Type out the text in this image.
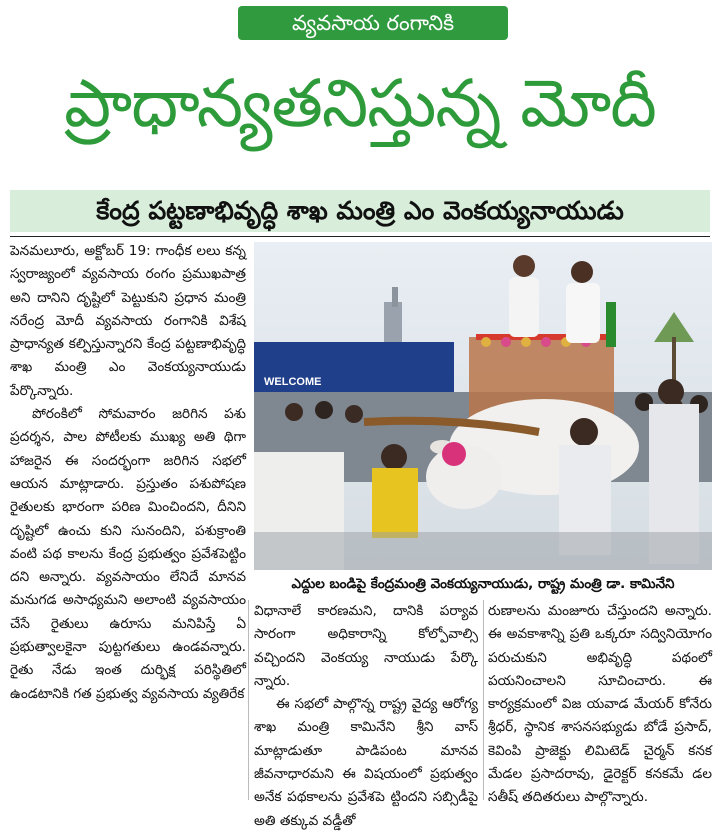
వ్యవసాయ రంగానికి
ప్రాధాన్యతనిస్తున్న మోదీ
కేంద్ర పట్టణాభివృద్ధి శాఖ మంత్రి ఎం వెంకయ్యనాయుడు

పెనమలూరు, అక్టోబర్ 19: గాంధీక లలు కన్న స్వరాజ్యంలో వ్యవసాయ రంగం ప్రముఖపాత్ర అని దానిని దృష్టిలో పెట్టుకుని ప్రధాన మంత్రి నరేంద్ర మోదీ వ్యవసాయ రంగానికి విశేష ప్రాధాన్యత కల్పిస్తున్నారని కేంద్ర పట్టణాభివృద్ధి శాఖ మంత్రి ఎం వెంకయ్యనాయుడు పేర్కొన్నారు.

పోరంకిలో సోమవారం జరిగిన పశు ప్రదర్శన, పాల పోటీలకు ముఖ్య అతి థిగా హాజరైన ఈ సందర్భంగా జరిగిన సభలో ఆయన మాట్లాడారు. ప్రస్తుతం పశుపోషణ రైతులకు భారంగా పరిణ మించిందని, దీనిని దృష్టిలో ఉంచు కుని సునందిని, పశుక్రాంతి వంటి పథ కాలను కేంద్ర ప్రభుత్వం ప్రవేశపెట్టిం దని అన్నారు. వ్యవసాయం లేనిదే మానవ మనుగడ అసాధ్యమని అలాంటి వ్యవసాయం చేసే రైతులు ఉరూసు మనిపిస్తే ఏ ప్రభుత్వాలకైనా పుట్టగతులు ఉండవన్నారు. రైతు నేడు ఇంత దుర్భిక్ష పరిస్థితిలో ఉండటానికి గత ప్రభుత్వ వ్యవసాయ వ్యతిరేక

WELCOME
ఎద్దుల బండిపై కేంద్రమంత్రి వెంకయ్యనాయుడు, రాష్ట్ర మంత్రి డా. కామినేని

విధానాలే కారణమని, దానికి పర్యావ సారంగా అధికారాన్ని కోల్పోవాల్సి వచ్చిందని వెంకయ్య నాయుడు పేర్కొ న్నారు.

ఈ సభలో పాల్గొన్న రాష్ట్ర వైద్య ఆరోగ్య శాఖ మంత్రి కామినేని శ్రీని వాస్ మాట్లాడుతూ పాడిపంట మానవ జీవనాధారమని ఈ విషయంలో ప్రభుత్వం అనేక పథకాలను ప్రవేశపె ట్టిందని సబ్సిడీపై అతి తక్కువ వడ్డీతో

రుణాలను మంజూరు చేస్తుందని అన్నారు. ఈ అవకాశాన్ని ప్రతి ఒక్కరూ సద్వినియోగం పరుచుకుని అభివృద్ధి పథంలో పయనించాలని సూచించారు. ఈ కార్యక్రమంలో విజ యవాడ మేయర్ కోనేరు శ్రీధర్, స్థానిక శాసనసభ్యుడు బోడే ప్రసాద్, కెవింపి ప్రాజెక్టు లిమిటెడ్ చైర్మన్ కనక మేడల ప్రసాదరావు, డైరెక్టర్ కనకమే డల సతీష్ తదితరులు పాల్గొన్నారు.
